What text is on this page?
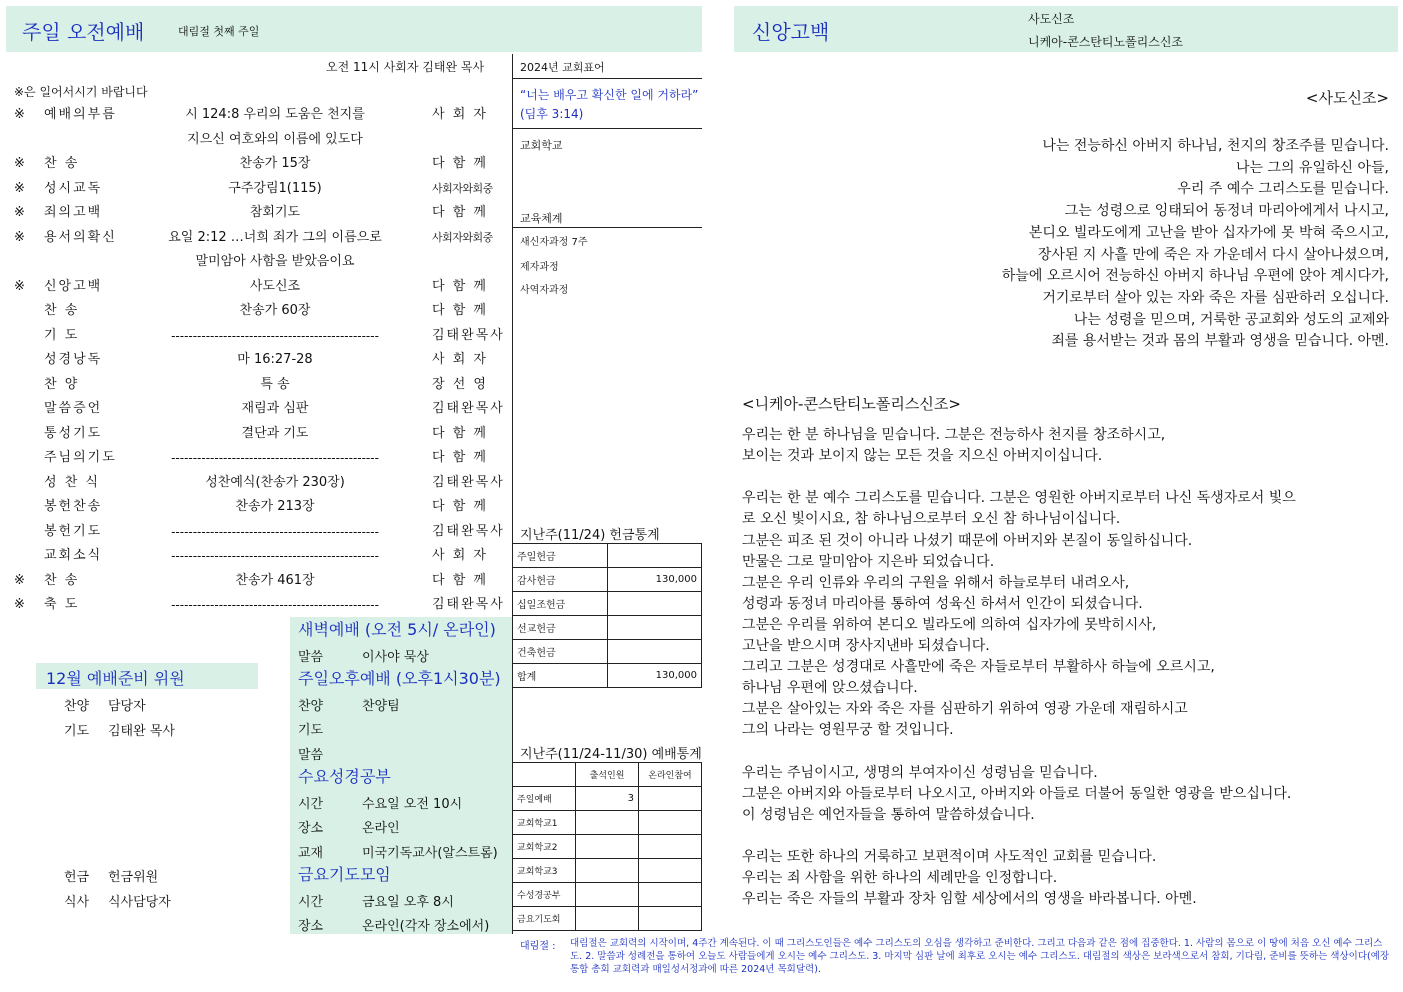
주일 오전예배	대림절 첫째 주일
오전 11시 사회자 김태완 목사
※은 일어서시기 바랍니다
※	예배의부름	시 124:8 우리의 도움은 천지를	사 회 자
지으신 여호와의 이름에 있도다
※	찬 송	찬송가 15장	다 함 께
※	성시교독	구주강림1(115)	사회자와회중
※	죄의고백	참회기도	다 함 께
※	용서의확신	요일 2:12 …너희 죄가 그의 이름으로	사회자와회중
말미암아 사함을 받았음이요
※	신앙고백	사도신조	다 함 께
찬 송	찬송가 60장	다 함 께
기 도	------------------------------------------------	김태완목사
성경낭독	마 16:27-28	사 회 자
찬 양	특 송	장 선 영
말씀증언	재림과 심판	김태완목사
통성기도	결단과 기도	다 함 께
주님의기도	------------------------------------------------	다 함 께
성 찬 식	성찬예식(찬송가 230장)	김태완목사
봉헌찬송	찬송가 213장	다 함 께
봉헌기도	------------------------------------------------	김태완목사
교회소식	------------------------------------------------	사 회 자
※	찬 송	찬송가 461장	다 함 께
※	축 도	------------------------------------------------	김태완목사
2024년 교회표어
“너는 배우고 확신한 일에 거하라” (딤후 3:14)
교회학교
교육체계
새신자과정 7주
제자과정
사역자과정
지난주(11/24) 헌금통계
주일헌금	
감사헌금	130,000
십일조헌금	
선교헌금	
건축헌금	
합계	130,000
지난주(11/24-11/30) 예배통계
	출석인원	온라인참여
주일예배	3	
교회학교1		
교회학교2		
교회학교3		
수성경공부		
금요기도회		
12월 예배준비 위원
찬양 담당자
기도 김태완 목사
헌금 헌금위원
식사 식사담당자
새벽예배 (오전 5시/ 온라인)
말씀	이사야 묵상
주일오후예배 (오후1시30분)
찬양	찬양팀
기도
말씀
수요성경공부
시간	수요일 오전 10시
장소	온라인
교재	미국기독교사(알스트롬)
금요기도모임
시간	금요일 오후 8시
장소	온라인(각자 장소에서)
대림절 : 대림절은 교회력의 시작이며, 4주간 계속된다. 이 때 그리스도인들은 예수 그리스도의 오심을 생각하고 준비한다. 그리고 다음과 같은 점에 집중한다. 1. 사람의 몸으로 이 땅에 처음 오신 예수 그리스도. 2. 말씀과 성례전을 통하여 오늘도 사람들에게 오시는 예수 그리스도. 3. 마지막 심판 날에 최후로 오시는 예수 그리스도. 대림절의 색상은 보라색으로서 참회, 기다림, 준비를 뜻하는 색상이다(예장통합 총회 교회력과 매일성서정과에 따른 2024년 목회달력).
신앙고백
사도신조
니케아-콘스탄티노폴리스신조
<사도신조>
나는 전능하신 아버지 하나님, 천지의 창조주를 믿습니다.
나는 그의 유일하신 아들,
우리 주 예수 그리스도를 믿습니다.
그는 성령으로 잉태되어 동정녀 마리아에게서 나시고,
본디오 빌라도에게 고난을 받아 십자가에 못 박혀 죽으시고,
장사된 지 사흘 만에 죽은 자 가운데서 다시 살아나셨으며,
하늘에 오르시어 전능하신 아버지 하나님 우편에 앉아 계시다가,
거기로부터 살아 있는 자와 죽은 자를 심판하러 오십니다.
나는 성령을 믿으며, 거룩한 공교회와 성도의 교제와
죄를 용서받는 것과 몸의 부활과 영생을 믿습니다. 아멘.
<니케아-콘스탄티노폴리스신조>
우리는 한 분 하나님을 믿습니다. 그분은 전능하사 천지를 창조하시고,
보이는 것과 보이지 않는 모든 것을 지으신 아버지이십니다.
우리는 한 분 예수 그리스도를 믿습니다. 그분은 영원한 아버지로부터 나신 독생자로서 빛으
로 오신 빛이시요, 참 하나님으로부터 오신 참 하나님이십니다.
그분은 피조 된 것이 아니라 나셨기 때문에 아버지와 본질이 동일하십니다.
만물은 그로 말미암아 지은바 되었습니다.
그분은 우리 인류와 우리의 구원을 위해서 하늘로부터 내려오사,
성령과 동정녀 마리아를 통하여 성육신 하셔서 인간이 되셨습니다.
그분은 우리를 위하여 본디오 빌라도에 의하여 십자가에 못박히시사,
고난을 받으시며 장사지낸바 되셨습니다.
그리고 그분은 성경대로 사흘만에 죽은 자들로부터 부활하사 하늘에 오르시고,
하나님 우편에 앉으셨습니다.
그분은 살아있는 자와 죽은 자를 심판하기 위하여 영광 가운데 재림하시고
그의 나라는 영원무궁 할 것입니다.
우리는 주님이시고, 생명의 부여자이신 성령님을 믿습니다.
그분은 아버지와 아들로부터 나오시고, 아버지와 아들로 더불어 동일한 영광을 받으십니다.
이 성령님은 예언자들을 통하여 말씀하셨습니다.
우리는 또한 하나의 거룩하고 보편적이며 사도적인 교회를 믿습니다.
우리는 죄 사함을 위한 하나의 세례만을 인정합니다.
우리는 죽은 자들의 부활과 장차 임할 세상에서의 영생을 바라봅니다. 아멘.
